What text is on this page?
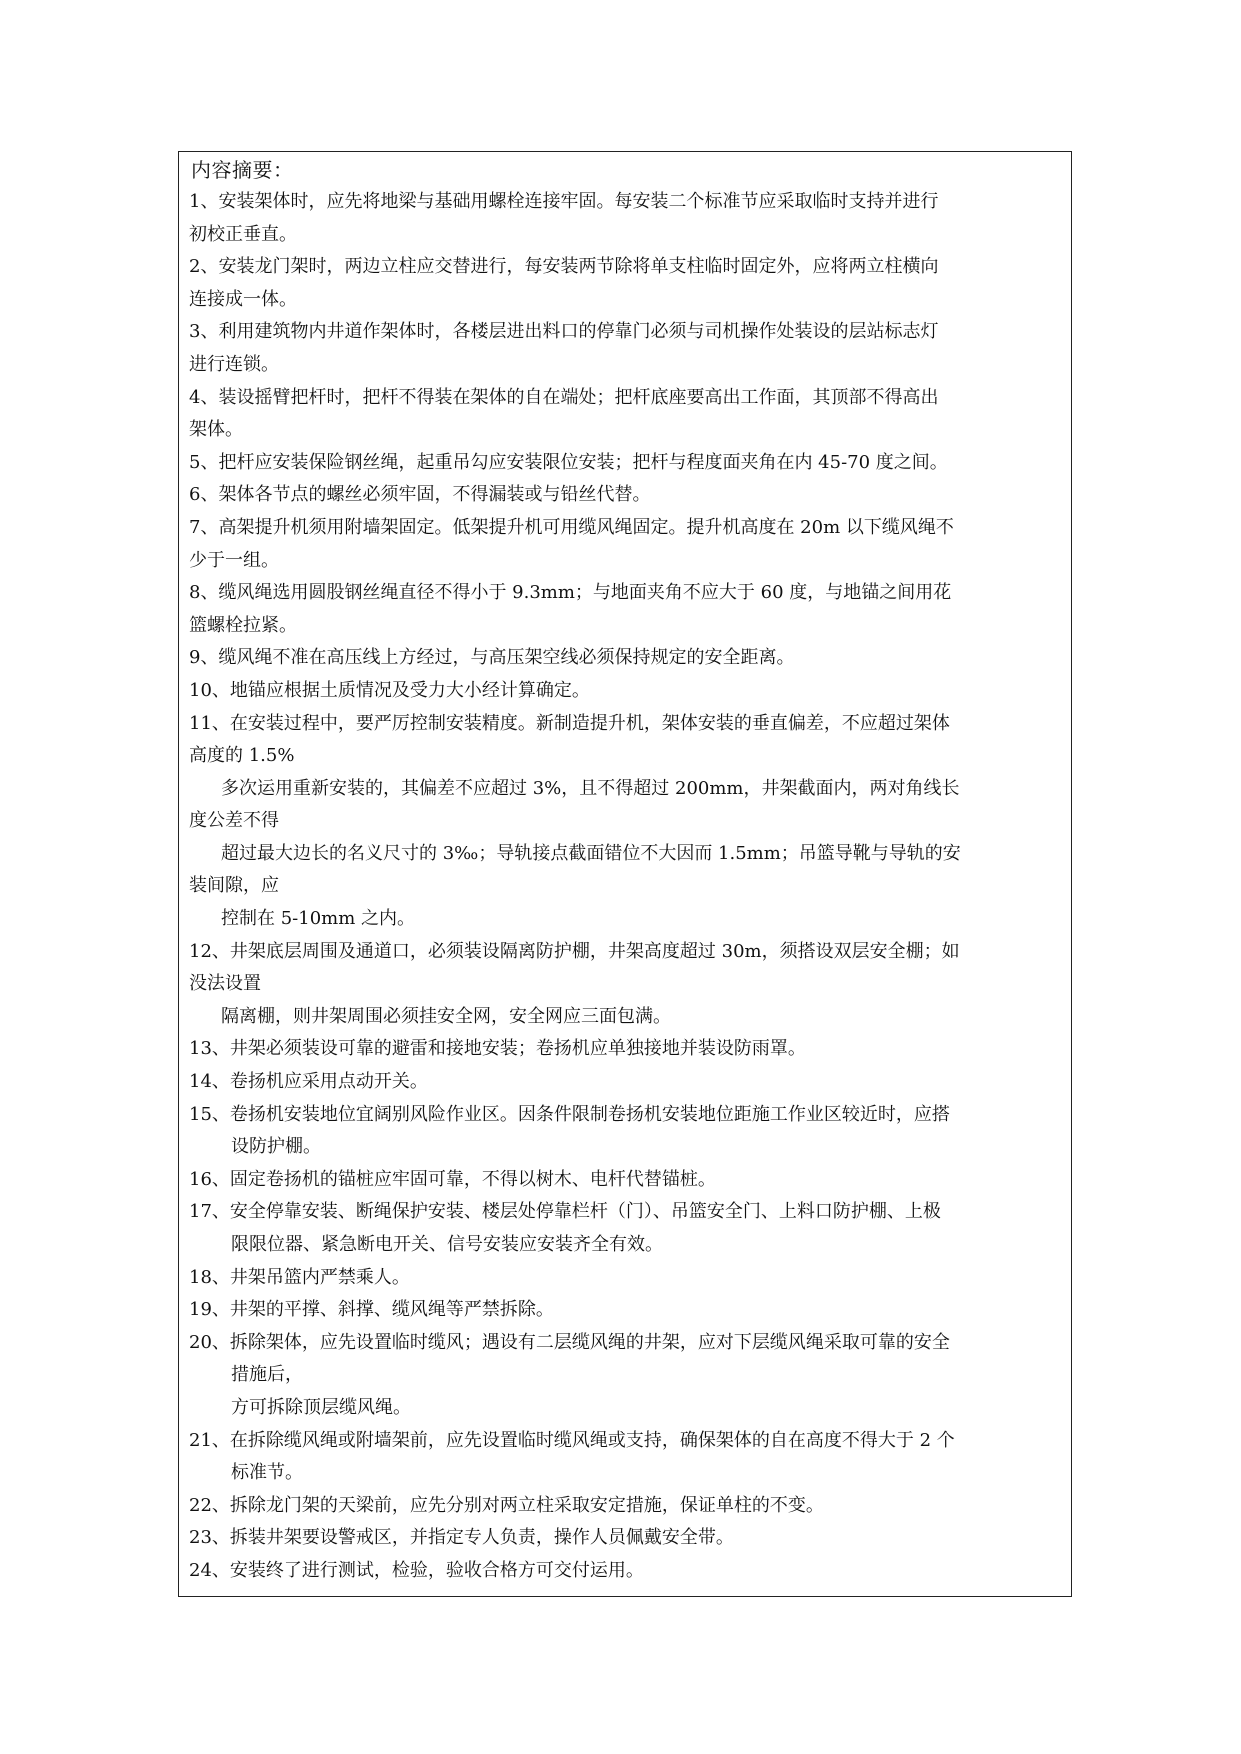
内容摘要：
1、安装架体时，应先将地梁与基础用螺栓连接牢固。每安装二个标准节应采取临时支持并进行
初校正垂直。
2、安装龙门架时，两边立柱应交替进行，每安装两节除将单支柱临时固定外，应将两立柱横向
连接成一体。
3、利用建筑物内井道作架体时，各楼层进出料口的停靠门必须与司机操作处装设的层站标志灯
进行连锁。
4、装设摇臂把杆时，把杆不得装在架体的自在端处；把杆底座要高出工作面，其顶部不得高出
架体。
5、把杆应安装保险钢丝绳，起重吊勾应安装限位安装；把杆与程度面夹角在内 45-70 度之间。
6、架体各节点的螺丝必须牢固，不得漏装或与铅丝代替。
7、高架提升机须用附墙架固定。低架提升机可用缆风绳固定。提升机高度在 20m 以下缆风绳不
少于一组。
8、缆风绳选用圆股钢丝绳直径不得小于 9.3mm；与地面夹角不应大于 60 度，与地锚之间用花
篮螺栓拉紧。
9、缆风绳不准在高压线上方经过，与高压架空线必须保持规定的安全距离。
10、地锚应根据土质情况及受力大小经计算确定。
11、在安装过程中，要严厉控制安装精度。新制造提升机，架体安装的垂直偏差，不应超过架体
高度的 1.5%
多次运用重新安装的，其偏差不应超过 3%，且不得超过 200mm，井架截面内，两对角线长
度公差不得
超过最大边长的名义尺寸的 3‰；导轨接点截面错位不大因而 1.5mm；吊篮导靴与导轨的安
装间隙，应
控制在 5-10mm 之内。
12、井架底层周围及通道口，必须装设隔离防护棚，井架高度超过 30m，须搭设双层安全棚；如
没法设置
隔离棚，则井架周围必须挂安全网，安全网应三面包满。
13、井架必须装设可靠的避雷和接地安装；卷扬机应单独接地并装设防雨罩。
14、卷扬机应采用点动开关。
15、卷扬机安装地位宜阔别风险作业区。因条件限制卷扬机安装地位距施工作业区较近时，应搭
设防护棚。
16、固定卷扬机的锚桩应牢固可靠，不得以树木、电杆代替锚桩。
17、安全停靠安装、断绳保护安装、楼层处停靠栏杆（门）、吊篮安全门、上料口防护棚、上极
限限位器、紧急断电开关、信号安装应安装齐全有效。
18、井架吊篮内严禁乘人。
19、井架的平撑、斜撑、缆风绳等严禁拆除。
20、拆除架体，应先设置临时缆风；遇设有二层缆风绳的井架，应对下层缆风绳采取可靠的安全
措施后，
方可拆除顶层缆风绳。
21、在拆除缆风绳或附墙架前，应先设置临时缆风绳或支持，确保架体的自在高度不得大于 2 个
标准节。
22、拆除龙门架的天梁前，应先分别对两立柱采取安定措施，保证单柱的不变。
23、拆装井架要设警戒区，并指定专人负责，操作人员佩戴安全带。
24、安装终了进行测试，检验，验收合格方可交付运用。
